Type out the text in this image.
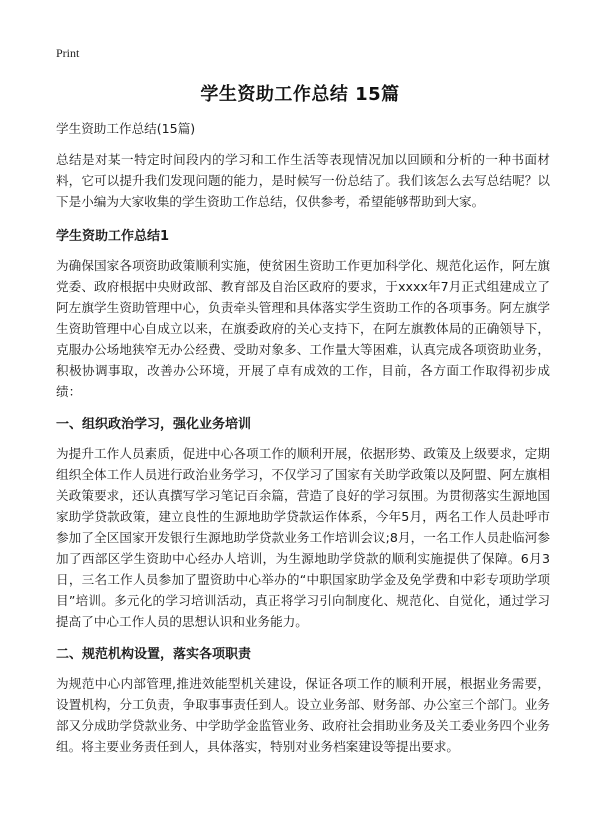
Print
学生资助工作总结 15篇

学生资助工作总结(15篇)

总结是对某一特定时间段内的学习和工作生活等表现情况加以回顾和分析的一种书面材料，它可以提升我们发现问题的能力，是时候写一份总结了。我们该怎么去写总结呢？以下是小编为大家收集的学生资助工作总结，仅供参考，希望能够帮助到大家。

学生资助工作总结1

为确保国家各项资助政策顺利实施，使贫困生资助工作更加科学化、规范化运作，阿左旗党委、政府根据中央财政部、教育部及自治区政府的要求，于xxxx年7月正式组建成立了阿左旗学生资助管理中心，负责牵头管理和具体落实学生资助工作的各项事务。阿左旗学生资助管理中心自成立以来，在旗委政府的关心支持下，在阿左旗教体局的正确领导下，克服办公场地狭窄无办公经费、受助对象多、工作量大等困难，认真完成各项资助业务，积极协调事取，改善办公环境，开展了卓有成效的工作，目前，各方面工作取得初步成绩：

一、组织政治学习，强化业务培训

为提升工作人员素质，促进中心各项工作的顺利开展，依据形势、政策及上级要求，定期组织全体工作人员进行政治业务学习，不仅学习了国家有关助学政策以及阿盟、阿左旗相关政策要求，还认真撰写学习笔记百余篇，营造了良好的学习氛围。为贯彻落实生源地国家助学贷款政策，建立良性的生源地助学贷款运作体系，今年5月，两名工作人员赴呼市参加了全区国家开发银行生源地助学贷款业务工作培训会议;8月，一名工作人员赴临河参加了西部区学生资助中心经办人培训，为生源地助学贷款的顺利实施提供了保障。6月3日，三名工作人员参加了盟资助中心举办的“中职国家助学金及免学费和中彩专项助学项目”培训。多元化的学习培训活动，真正将学习引向制度化、规范化、自觉化，通过学习提高了中心工作人员的思想认识和业务能力。

二、规范机构设置，落实各项职责

为规范中心内部管理,推进效能型机关建设，保证各项工作的顺利开展，根据业务需要，设置机构，分工负责，争取事事责任到人。设立业务部、财务部、办公室三个部门。业务部又分成助学贷款业务、中学助学金监管业务、政府社会捐助业务及关工委业务四个业务组。将主要业务责任到人，具体落实，特别对业务档案建设等提出要求。
